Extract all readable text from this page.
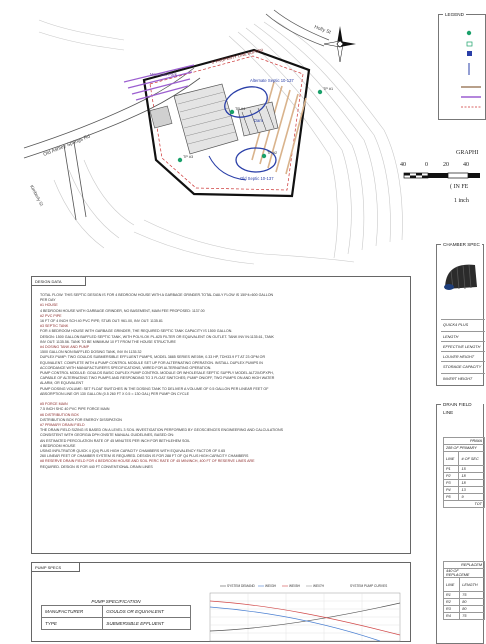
Old Ashley Springs Rd
Kimberly St
Holly St
5' PROPERTY LINE BUFFER
Mountain Park
Alternate Septic 10-137
Dam
Old Septic 10-137
TP #1
TP #2
TP #3
TP #4
DESIGN DATA
TOTAL FLOW: THIS SEPTIC DESIGN IS FOR 4 BEDROOM HOUSE WITH A GARBAGE GRINDER.TOTAL DAILY FLOW IS 150*4=600 GALLON
PER DAY
#1 HOUSE
4 BEDROOM HOUSE WITH GARBAGE GRINDER, NO BASEMENT, MAIN FEE PROPOSED: 1137.00
#2 PVC PIPE
16 FT OF 4 INCH SCH 40 PVC PIPE; STUB OUT: 961.00, INV OUT: 1135.81
#3 SEPTIC TANK
FOR 4 BEDROOM HOUSE WITH GARBAGE GRINDER, THE REQUIRED SEPTIC TANK CAPACITY IS 1500 GALLON.
DESIGN: 1500 GALLON BAFFLED SEPTIC TANK, WITH POLYLOK PL-625 FILTER OR EQUIVALENT ON OUTLET. TANK INV IN:1135.61, TANK
INV OUT: 1135.56. TANK TO BE MINIMUM 10 FT FROM THE HOUSE STRUCTURE
#4 DOSING TANK AND PUMP
1500 GALLON NON BAFFLED DOSING TANK, INV IN 1135.32
DUPLEX PUMP: TWO GOULDS SUBMERSIBLE EFFLUENT PUMPS, MODEL 3885 SERIES WE05H, 0.33 HP, TDH33.9 FT AT 23 GPM OR
EQUIVALENT. COMPLETE WITH A PUMP CONTROL MODULE SET UP FOR ALTERNATING OPERATION. INSTALL DUPLEX PUMPS IN
ACCORDANCE WITH MANUFACTURER'S SPECIFICATIONS, WIRED FOR ALTERNATING OPERATION.
PUMP CONTROL MODULE: GOULDS BASIC DUPLEX PUMP CONTROL MODULE OR WHOLESALE SEPTIC SUPPLY MODEL ALT2X/DPXPH,
CAPABLE OF ALTERNATING TWO PUMPS AND RESPONDING TO 3 FLOAT SWITCHES; PUMP ON/OFF, TWO PUMPS ON AND HIGH WATER
ALARM, OR EQUIVALENT
PUMP DOSING VOLUME: SET FLOAT SWITCHES IN THE DOSING TANK TO DELIVER A VOLUME OF 0.5 GALLON PER LINEAR FEET OF
ABSORPTION LINE OR 130 GALLON (0.5 260 FT X 0.5 = 130 GAL) PER PUMP ON CYCLE
#5 FORCE MAIN
7.5 INCH SHC 40 PVC PIPE FORCE MAIN
#6 DISTRIBUTION BOX
DISTRIBUTION BOX FOR ENERGY DISSIPATION
#7 PRIMARY DRAIN FIELD
THE DRAIN FIELD SIZING IS BASED ON A LEVEL 3 SOIL INVESTIGATION PERFORMED BY GEOSCIENCES ENGINEERING AND CALCULATIONS
CONSISTENT WITH GEORGIA DPH ONSITE MANUAL GUIDELINES, BASED ON:
AN ESTIMATED PERCOLATION RATE OF 45 MINUTES PER INCH FOR BETHLEHEM SOIL
4 BEDROOM HOUSE
USING INFILTRATOR QUICK 4 (Q4) PLUS HIGH CAPACITY CHAMBERS WITH EQUIVALENCY FACTOR OF 0.65
260 LINEAR FEET OF CHAMBER SYSTEM IS REQUIRED. DESIGN IS FOR 288 FT OF Q4 PLUS HIGH CAPACITY CHAMBERS
#8 RESERVE DRAIN FIELD FOR 4 BEDROOM HOUSE AND SOIL PERC RATE OF 45 MIN/INCH, 400 FT OF RESERVE LINES ARE
REQUIRED. DESIGN IS FOR 440 FT CONVENTIONAL DRAIN LINES
PUMP SPECS
PUMP SPECIFICATION
MANUFACTURER	GOULDS OR EQUIVALENT
TYPE	SUBMERSIBLE EFFLUENT
SYSTEM DEMAND	WE03H	WE05H	WE07H	SYSTEM PUMP CURVES
LEGEND
GRAPHI
40	0	20 40
( IN FE
1 inch
CHAMBER SPEC
QUICK4 PLUS
LENGTH
EFFECTIVE LENGTH
LOUVER HEIGHT
STORAGE CAPACITY
INVERT HEIGHT
DRAIN FIELD LINE
PRIMA	
288 OF PRIMARY	
LINE	# OF SEC
P1	15
P2	18
P3	18
P4	13
P5	9
TOT	
REPLACEM	
440 OF REPLACEME	
LINE	LENGTH
R1	75
R2	80
R3	80
R4	75
